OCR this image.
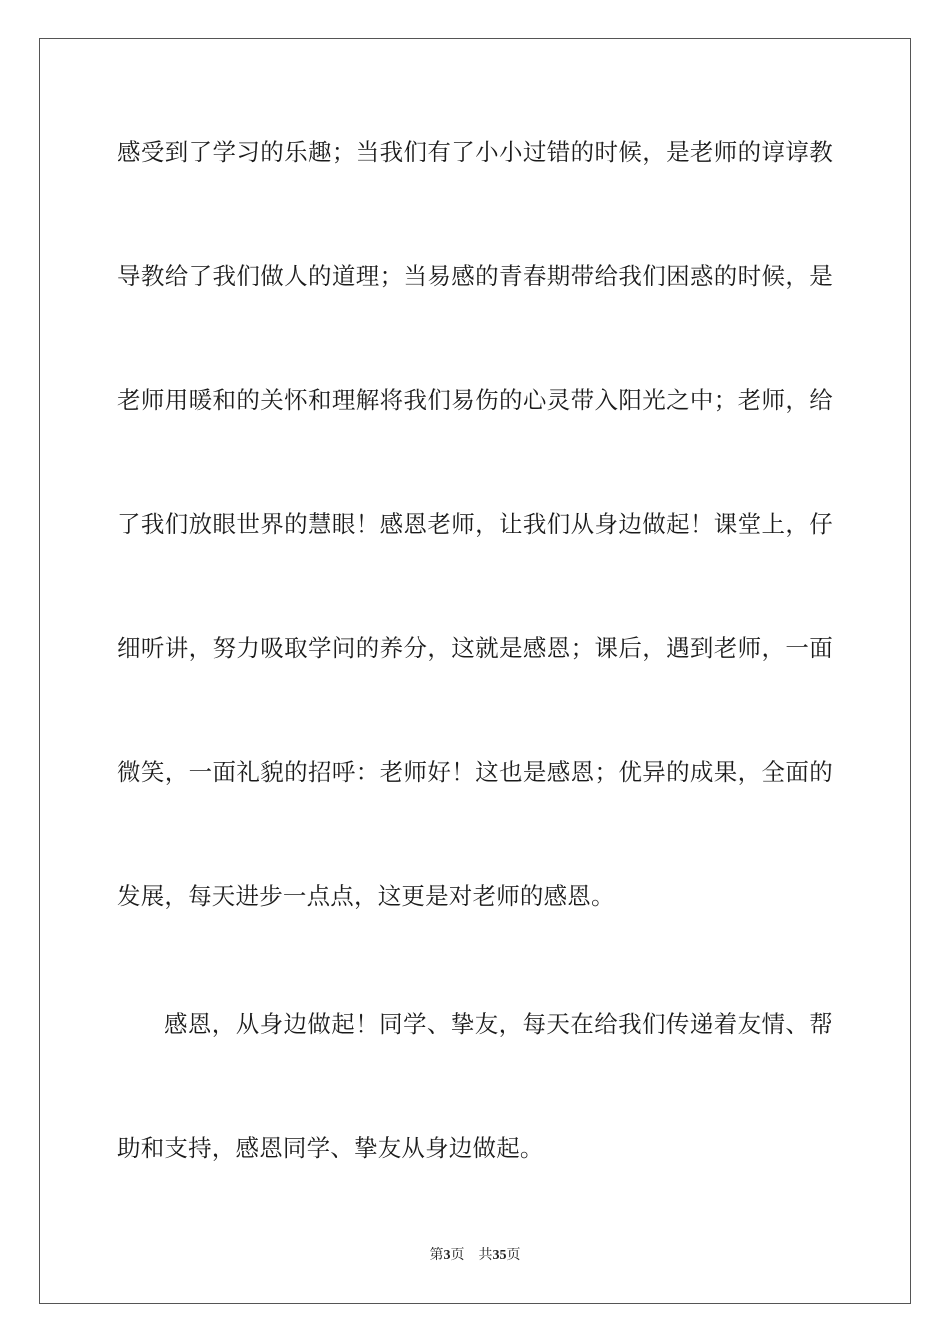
感受到了学习的乐趣；当我们有了小小过错的时候，是老师的谆谆教
导教给了我们做人的道理；当易感的青春期带给我们困惑的时候，是
老师用暖和的关怀和理解将我们易伤的心灵带入阳光之中；老师，给
了我们放眼世界的慧眼！感恩老师，让我们从身边做起！课堂上，仔
细听讲，努力吸取学问的养分，这就是感恩；课后，遇到老师，一面
微笑，一面礼貌的招呼：老师好！这也是感恩；优异的成果，全面的
发展，每天进步一点点，这更是对老师的感恩。
感恩，从身边做起！同学、挚友，每天在给我们传递着友情、帮
助和支持，感恩同学、挚友从身边做起。
第3页 共35页
